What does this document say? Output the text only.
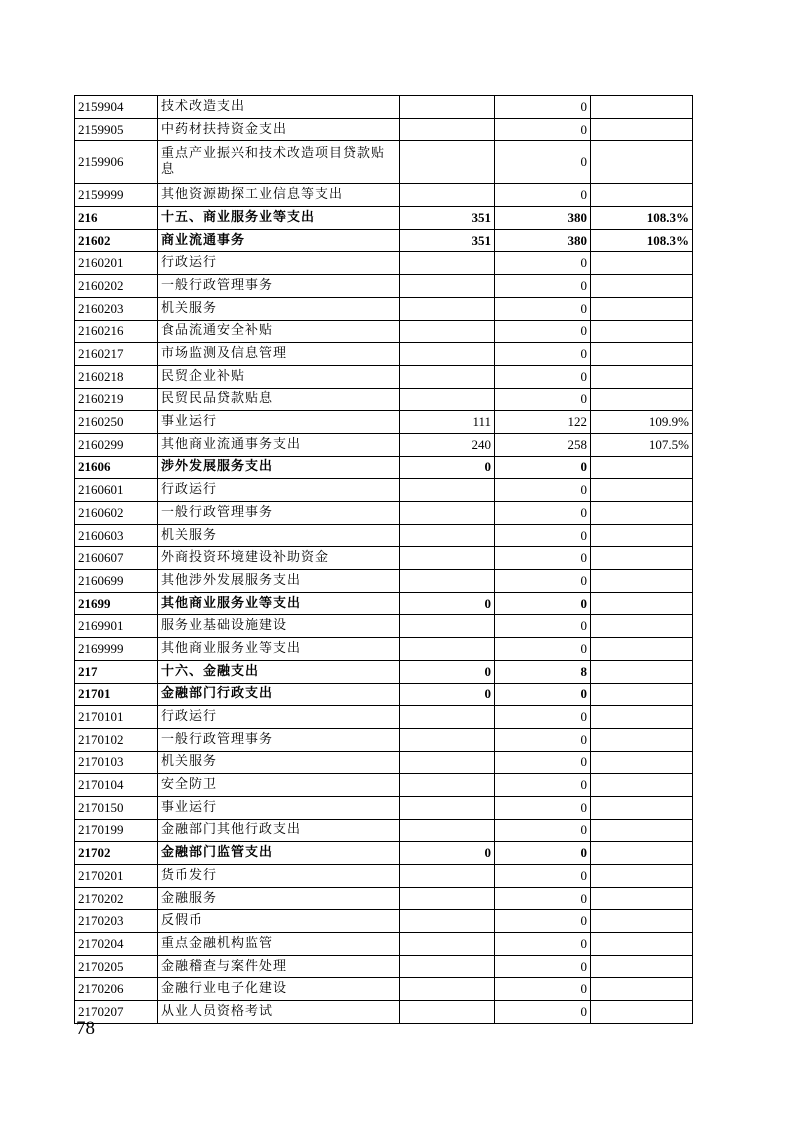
2159904	技术改造支出		0	
2159905	中药材扶持资金支出		0	
2159906	重点产业振兴和技术改造项目贷款贴息		0	
2159999	其他资源勘探工业信息等支出		0	
216	十五、商业服务业等支出	351	380	108.3%
21602	商业流通事务	351	380	108.3%
2160201	行政运行		0	
2160202	一般行政管理事务		0	
2160203	机关服务		0	
2160216	食品流通安全补贴		0	
2160217	市场监测及信息管理		0	
2160218	民贸企业补贴		0	
2160219	民贸民品贷款贴息		0	
2160250	事业运行	111	122	109.9%
2160299	其他商业流通事务支出	240	258	107.5%
21606	涉外发展服务支出	0	0	
2160601	行政运行		0	
2160602	一般行政管理事务		0	
2160603	机关服务		0	
2160607	外商投资环境建设补助资金		0	
2160699	其他涉外发展服务支出		0	
21699	其他商业服务业等支出	0	0	
2169901	服务业基础设施建设		0	
2169999	其他商业服务业等支出		0	
217	十六、金融支出	0	8	
21701	金融部门行政支出	0	0	
2170101	行政运行		0	
2170102	一般行政管理事务		0	
2170103	机关服务		0	
2170104	安全防卫		0	
2170150	事业运行		0	
2170199	金融部门其他行政支出		0	
21702	金融部门监管支出	0	0	
2170201	货币发行		0	
2170202	金融服务		0	
2170203	反假币		0	
2170204	重点金融机构监管		0	
2170205	金融稽查与案件处理		0	
2170206	金融行业电子化建设		0	
2170207	从业人员资格考试		0	
78
